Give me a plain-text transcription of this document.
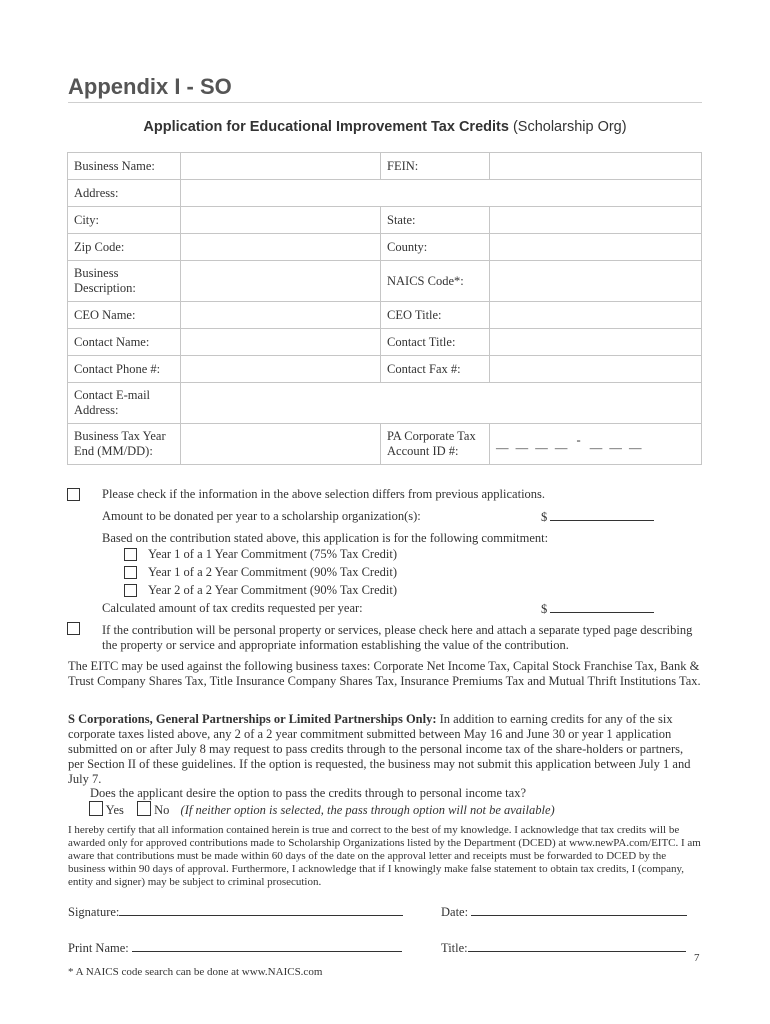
Appendix I - SO
Application for Educational Improvement Tax Credits (Scholarship Org)
Business Name:		FEIN:	
Address:			
City:		State:	
Zip Code:		County:	
Business Description:		NAICS Code*:	
CEO Name:		CEO Title:	
Contact Name:		Contact Title:	
Contact Phone #:		Contact Fax #:	
Contact E-mail Address:			
Business Tax Year End (MM/DD):		PA Corporate Tax Account ID #:	— — — — - — — —
Please check if the information in the above selection differs from previous applications.
Amount to be donated per year to a scholarship organization(s):	$
Based on the contribution stated above, this application is for the following commitment:
Year 1 of a 1 Year Commitment (75% Tax Credit)
Year 1 of a 2 Year Commitment (90% Tax Credit)
Year 2 of a 2 Year Commitment (90% Tax Credit)
Calculated amount of tax credits requested per year:	$
If the contribution will be personal property or services, please check here and attach a separate typed page describing the property or service and appropriate information establishing the value of the contribution.
The EITC may be used against the following business taxes: Corporate Net Income Tax, Capital Stock Franchise Tax, Bank & Trust Company Shares Tax, Title Insurance Company Shares Tax, Insurance Premiums Tax and Mutual Thrift Institutions Tax.
S Corporations, General Partnerships or Limited Partnerships Only: In addition to earning credits for any of the six corporate taxes listed above, any 2 of a 2 year commitment submitted between May 16 and June 30 or year 1 application submitted on or after July 8 may request to pass credits through to the personal income tax of the share-holders or partners, per Section II of these guidelines. If the option is requested, the business may not submit this application between July 1 and July 7.
Does the applicant desire the option to pass the credits through to personal income tax?
Yes No (If neither option is selected, the pass through option will not be available)
I hereby certify that all information contained herein is true and correct to the best of my knowledge. I acknowledge that tax credits will be awarded only for approved contributions made to Scholarship Organizations listed by the Department (DCED) at www.newPA.com/EITC. I am aware that contributions must be made within 60 days of the date on the approval letter and receipts must be forwarded to DCED by the business within 90 days of approval. Furthermore, I acknowledge that if I knowingly make false statement to obtain tax credits, I (company, entity and signer) may be subject to criminal prosecution.
Signature:	Date:
Print Name:	Title:
7
* A NAICS code search can be done at www.NAICS.com
